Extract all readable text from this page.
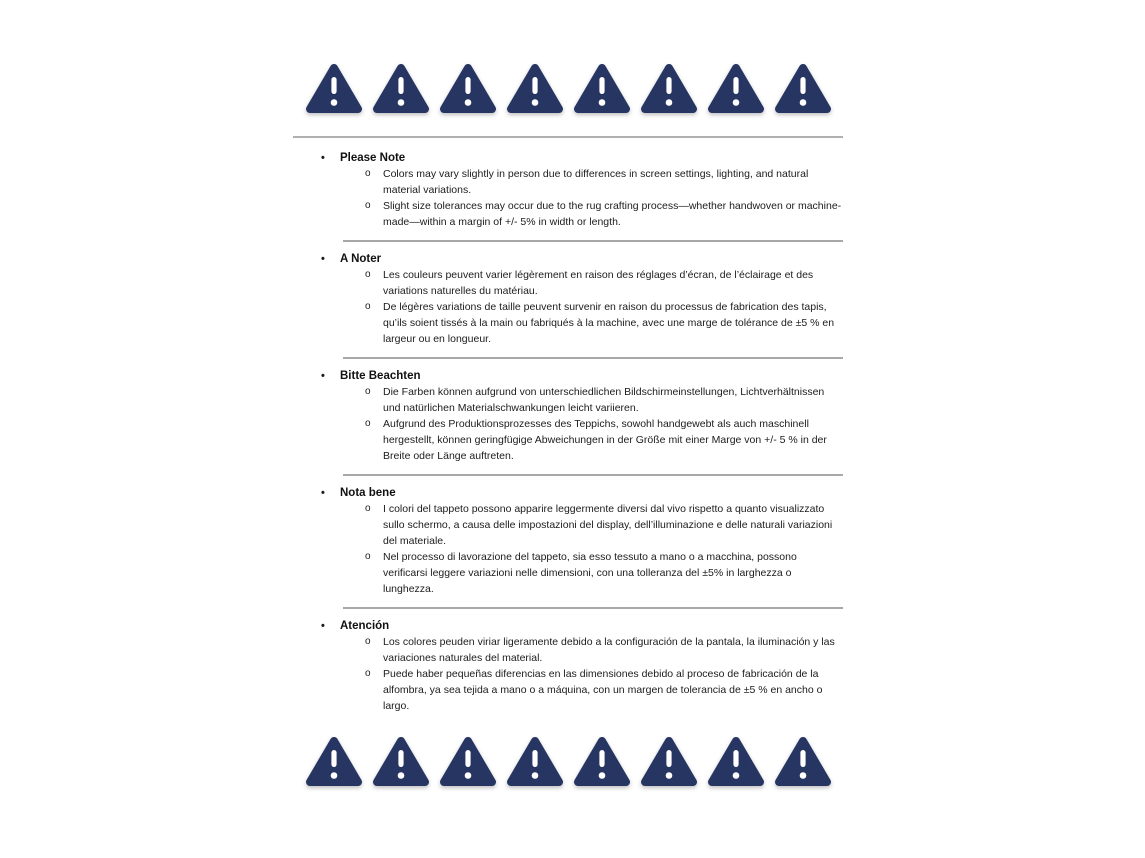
• Please Note
o	Colors may vary slightly in person due to differences in screen settings, lighting, and natural material variations.

o	Slight size tolerances may occur due to the rug crafting process—whether handwoven or machine-made—within a margin of +/- 5% in width or length.

• A Noter
o	Les couleurs peuvent varier légèrement en raison des réglages d’écran, de l’éclairage et des variations naturelles du matériau.

o	De légères variations de taille peuvent survenir en raison du processus de fabrication des tapis, qu’ils soient tissés à la main ou fabriqués à la machine, avec une marge de tolérance de ±5 % en largeur ou en longueur.

• Bitte Beachten
o	Die Farben können aufgrund von unterschiedlichen Bildschirmeinstellungen, Lichtverhältnissen und natürlichen Materialschwankungen leicht variieren.

o	Aufgrund des Produktionsprozesses des Teppichs, sowohl handgewebt als auch maschinell hergestellt, können geringfügige Abweichungen in der Größe mit einer Marge von +/- 5 % in der Breite oder Länge auftreten.

• Nota bene
o	I colori del tappeto possono apparire leggermente diversi dal vivo rispetto a quanto visualizzato sullo schermo, a causa delle impostazioni del display, dell’illuminazione e delle naturali variazioni del materiale.

o	Nel processo di lavorazione del tappeto, sia esso tessuto a mano o a macchina, possono verificarsi leggere variazioni nelle dimensioni, con una tolleranza del ±5% in larghezza o lunghezza.

• Atención
o	Los colores peuden viriar ligeramente debido a la configuración de la pantala, la iluminación y las variaciones naturales del material.

o	Puede haber pequeñas diferencias en las dimensiones debido al proceso de fabricación de la alfombra, ya sea tejida a mano o a máquina, con un margen de tolerancia de ±5 % en ancho o largo.
